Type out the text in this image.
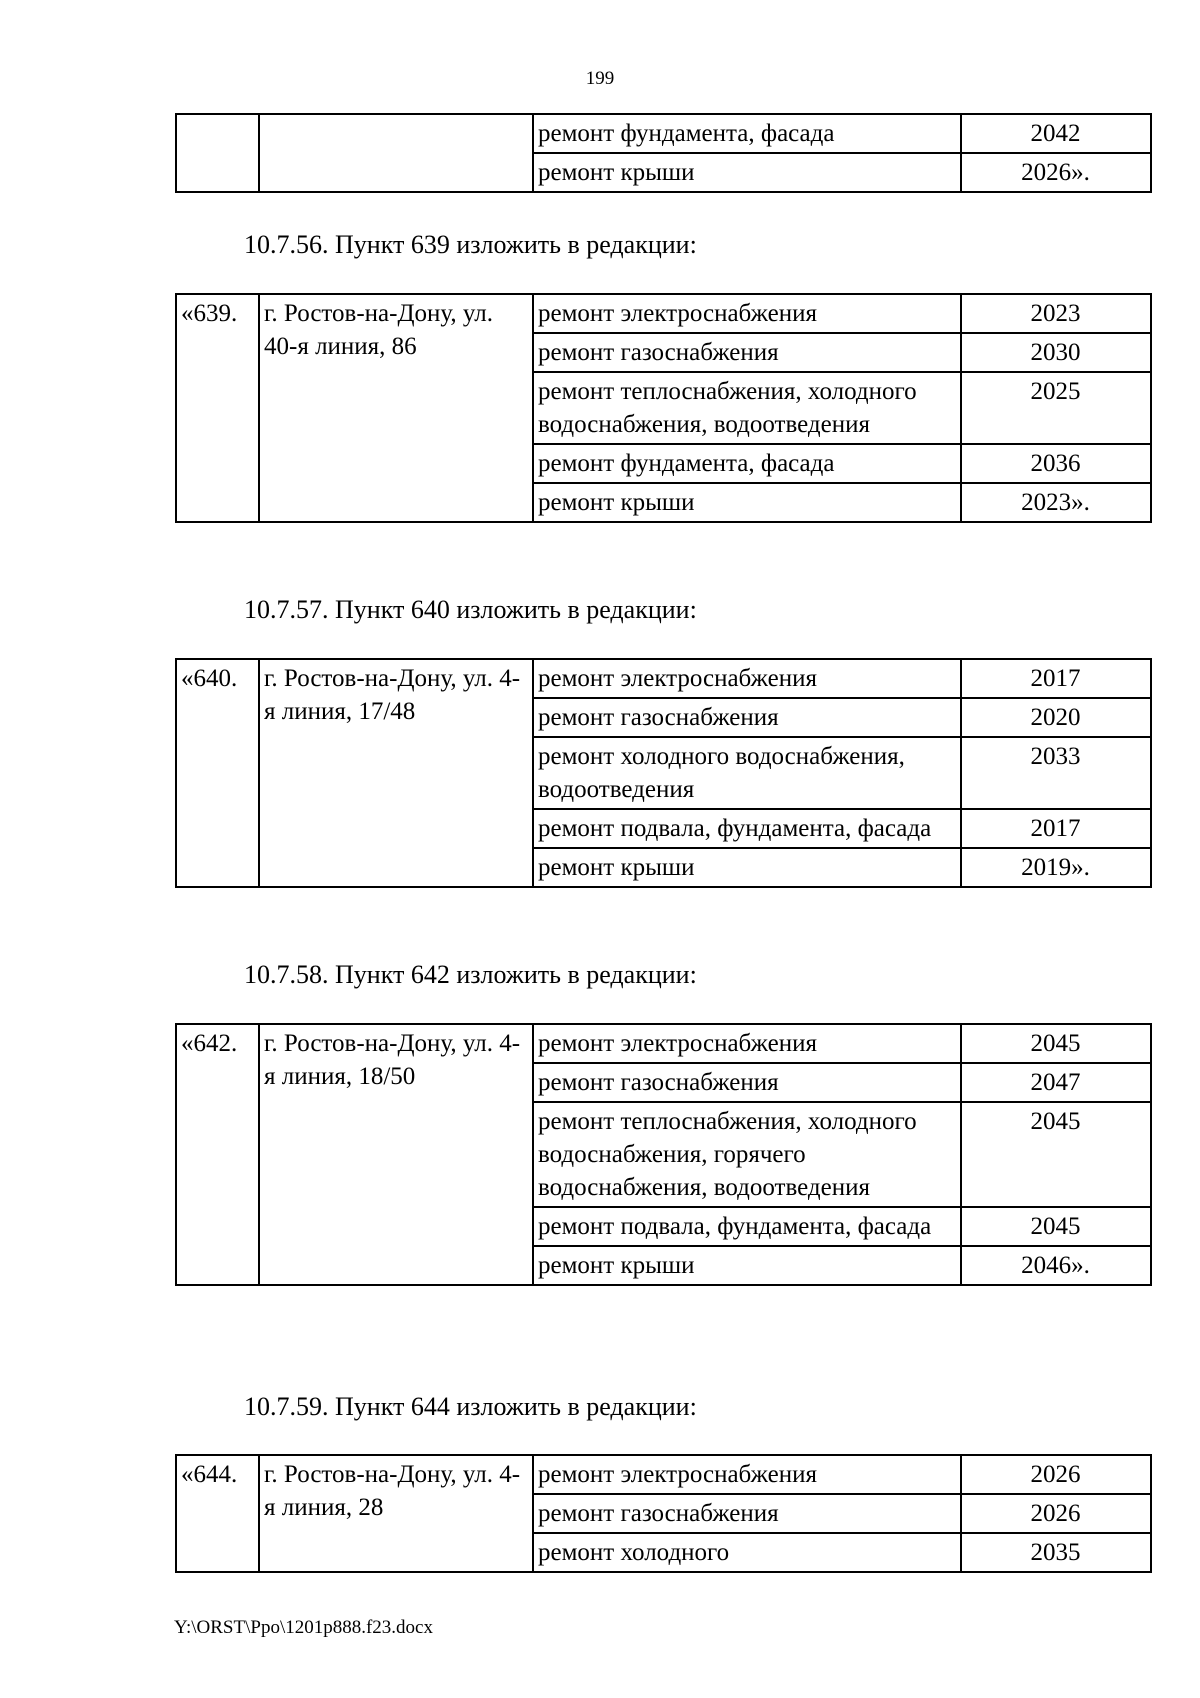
199
		ремонт фундамента, фасада	2042
		ремонт крыши	2026».
10.7.56. Пункт 639 изложить в редакции:
«639.	г. Ростов-на-Дону, ул. 40-я линия, 86	ремонт электроснабжения	2023
		ремонт газоснабжения	2030
		ремонт теплоснабжения, холодного водоснабжения, водоотведения	2025
		ремонт фундамента, фасада	2036
		ремонт крыши	2023».
10.7.57. Пункт 640 изложить в редакции:
«640.	г. Ростов-на-Дону, ул. 4-я линия, 17/48	ремонт электроснабжения	2017
		ремонт газоснабжения	2020
		ремонт холодного водоснабжения, водоотведения	2033
		ремонт подвала, фундамента, фасада	2017
		ремонт крыши	2019».
10.7.58. Пункт 642 изложить в редакции:
«642.	г. Ростов-на-Дону, ул. 4-я линия, 18/50	ремонт электроснабжения	2045
		ремонт газоснабжения	2047
		ремонт теплоснабжения, холодного водоснабжения, горячего водоснабжения, водоотведения	2045
		ремонт подвала, фундамента, фасада	2045
		ремонт крыши	2046».
10.7.59. Пункт 644 изложить в редакции:
«644.	г. Ростов-на-Дону, ул. 4-я линия, 28	ремонт электроснабжения	2026
		ремонт газоснабжения	2026
		ремонт холодного	2035
Y:\ORST\Ppo\1201p888.f23.docx
